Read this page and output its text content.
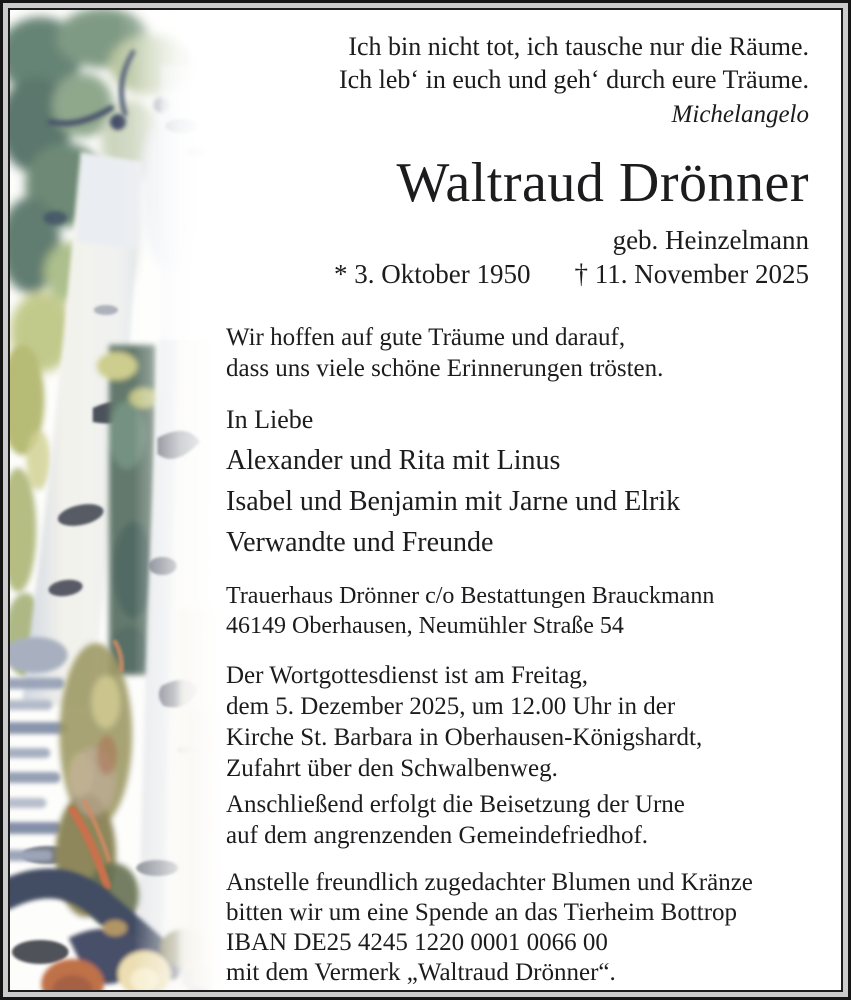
Ich bin nicht tot, ich tausche nur die Räume.
Ich leb‘ in euch und geh‘ durch eure Träume.
Michelangelo
Waltraud Drönner
geb. Heinzelmann
* 3. Oktober 1950 † 11. November 2025
Wir hoffen auf gute Träume und darauf,
dass uns viele schöne Erinnerungen trösten.
In Liebe
Alexander und Rita mit Linus
Isabel und Benjamin mit Jarne und Elrik
Verwandte und Freunde
Trauerhaus Drönner c/o Bestattungen Brauckmann
46149 Oberhausen, Neumühler Straße 54
Der Wortgottesdienst ist am Freitag,
dem 5. Dezember 2025, um 12.00 Uhr in der
Kirche St. Barbara in Oberhausen-Königshardt,
Zufahrt über den Schwalbenweg.
Anschließend erfolgt die Beisetzung der Urne
auf dem angrenzenden Gemeindefriedhof.
Anstelle freundlich zugedachter Blumen und Kränze
bitten wir um eine Spende an das Tierheim Bottrop
IBAN DE25 4245 1220 0001 0066 00
mit dem Vermerk „Waltraud Drönner“.
